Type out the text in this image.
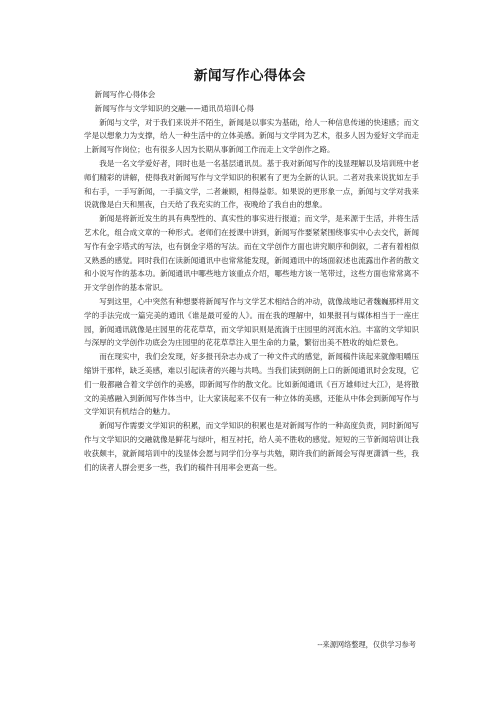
新闻写作心得体会

新闻写作心得体会

新闻写作与文学知识的交融——通讯员培训心得

新闻与文学，对于我们来说并不陌生，新闻是以事实为基础，给人一种信息传递的快速感；而文学是以想象力为支撑，给人一种生活中的立体美感。新闻与文学同为艺术，很多人因为爱好文学而走上新闻写作岗位；也有很多人因为长期从事新闻工作而走上文学创作之路。

我是一名文学爱好者，同时也是一名基层通讯员。基于我对新闻写作的浅显理解以及培训班中老师们精彩的讲解，使得我对新闻写作与文学知识的积累有了更为全新的认识。二者对我来说犹如左手和右手，一手写新闻，一手搞文学，二者兼顾，相得益彰。如果说的更形象一点，新闻与文学对我来说就像是白天和黑夜，白天给了我充实的工作，夜晚给了我自由的想象。

新闻是将新近发生的具有典型性的、真实性的事实进行报道；而文学，是来源于生活，并将生活艺术化，组合成文章的一种形式。老师们在授课中讲到，新闻写作要紧紧围绕事实中心去交代，新闻写作有金字塔式的写法，也有倒金字塔的写法。而在文学创作方面也讲究顺序和倒叙，二者有着相似又熟悉的感觉。同时我们在读新闻通讯中也常常能发现，新闻通讯中的场面叙述也流露出作者的散文和小说写作的基本功。新闻通讯中哪些地方该重点介绍，哪些地方该一笔带过，这些方面也常常离不开文学创作的基本常识。

写到这里，心中突然有种想要将新闻写作与文学艺术相结合的冲动，就像战地记者魏巍那样用文学的手法完成一篇完美的通讯《谁是最可爱的人》。而在我的理解中，如果报刊与媒体相当于一座庄园，新闻通讯就像是庄园里的花花草草，而文学知识则是流淌于庄园里的河流水泊。丰富的文学知识与深厚的文学创作功底会为庄园里的花花草草注入里生命的力量，繁衍出美不胜收的灿烂景色。

而在现实中，我们会发现，好多报刊杂志办成了一种文件式的感觉，新闻稿件读起来就像咀嚼压缩饼干那样，缺乏美感，难以引起读者的兴趣与共鸣。当我们读到朗朗上口的新闻通讯时会发现，它们一般都融合着文学创作的美感，即新闻写作的散文化。比如新闻通讯《百万雄师过大江》，是将散文的美感融入到新闻写作体当中，让大家读起来不仅有一种立体的美感，还能从中体会到新闻写作与文学知识有机结合的魅力。

新闻写作需要文学知识的积累，而文学知识的积累也是对新闻写作的一种高度负责，同时新闻写作与文学知识的交融就像是鲜花与绿叶，相互衬托，给人美不胜收的感觉。短短的三节新闻培训让我收获颇丰，就新闻培训中的浅显体会愿与同学们分享与共勉，期许我们的新闻会写得更潇洒一些，我们的读者人群会更多一些，我们的稿件刊用率会更高一些。

--来源网络整理，仅供学习参考
